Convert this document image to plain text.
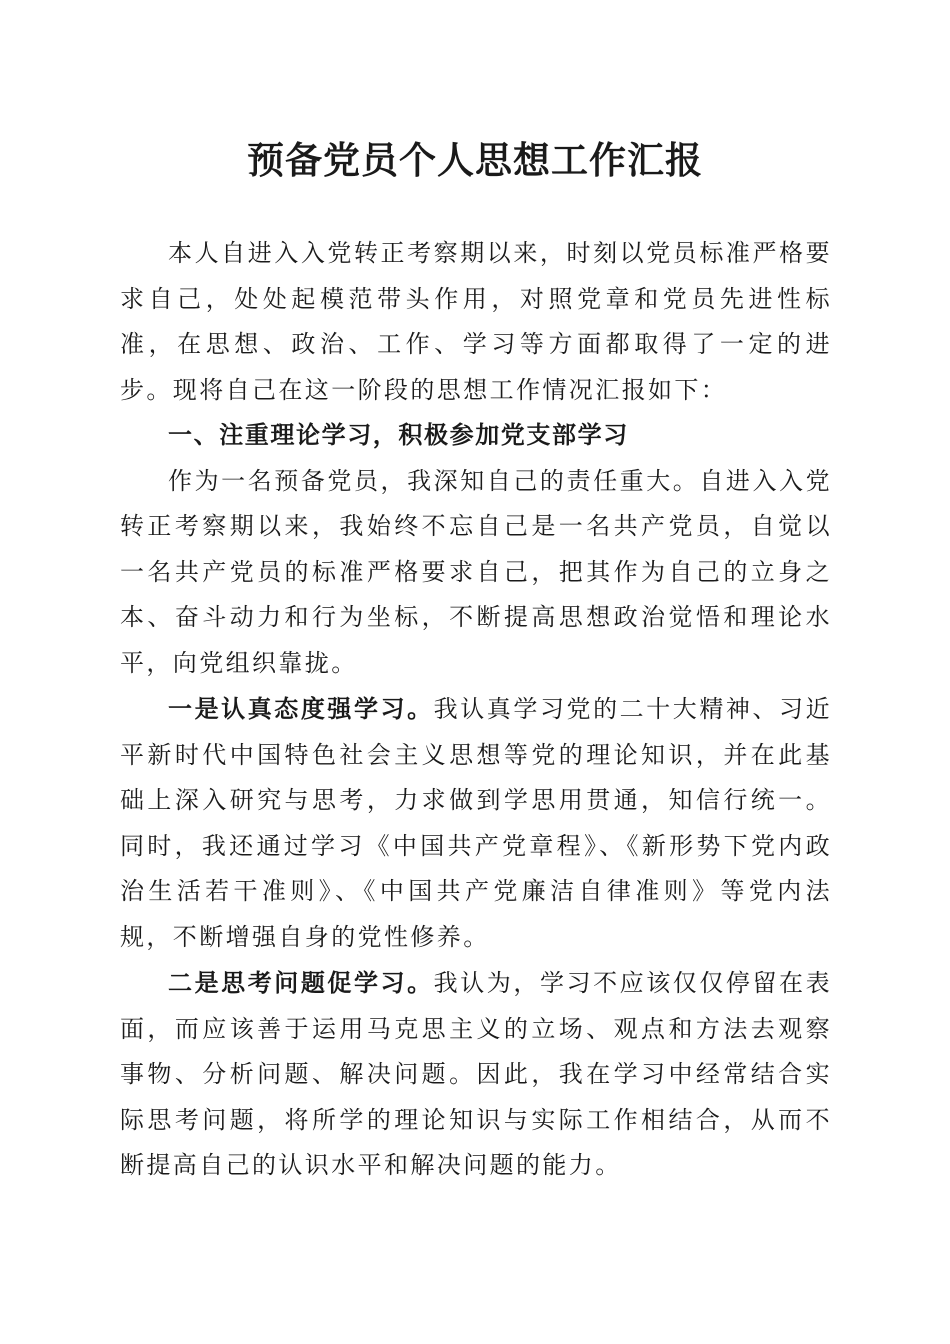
预备党员个人思想工作汇报

本人自进入入党转正考察期以来，时刻以党员标准严格要求自己，处处起模范带头作用，对照党章和党员先进性标准，在思想、政治、工作、学习等方面都取得了一定的进步。现将自己在这一阶段的思想工作情况汇报如下：

一、注重理论学习，积极参加党支部学习

作为一名预备党员，我深知自己的责任重大。自进入入党转正考察期以来，我始终不忘自己是一名共产党员，自觉以一名共产党员的标准严格要求自己，把其作为自己的立身之本、奋斗动力和行为坐标，不断提高思想政治觉悟和理论水平，向党组织靠拢。

一是认真态度强学习。我认真学习党的二十大精神、习近平新时代中国特色社会主义思想等党的理论知识，并在此基础上深入研究与思考，力求做到学思用贯通，知信行统一。同时，我还通过学习《中国共产党章程》、《新形势下党内政治生活若干准则》、《中国共产党廉洁自律准则》等党内法规，不断增强自身的党性修养。

二是思考问题促学习。我认为，学习不应该仅仅停留在表面，而应该善于运用马克思主义的立场、观点和方法去观察事物、分析问题、解决问题。因此，我在学习中经常结合实际思考问题，将所学的理论知识与实际工作相结合，从而不断提高自己的认识水平和解决问题的能力。
